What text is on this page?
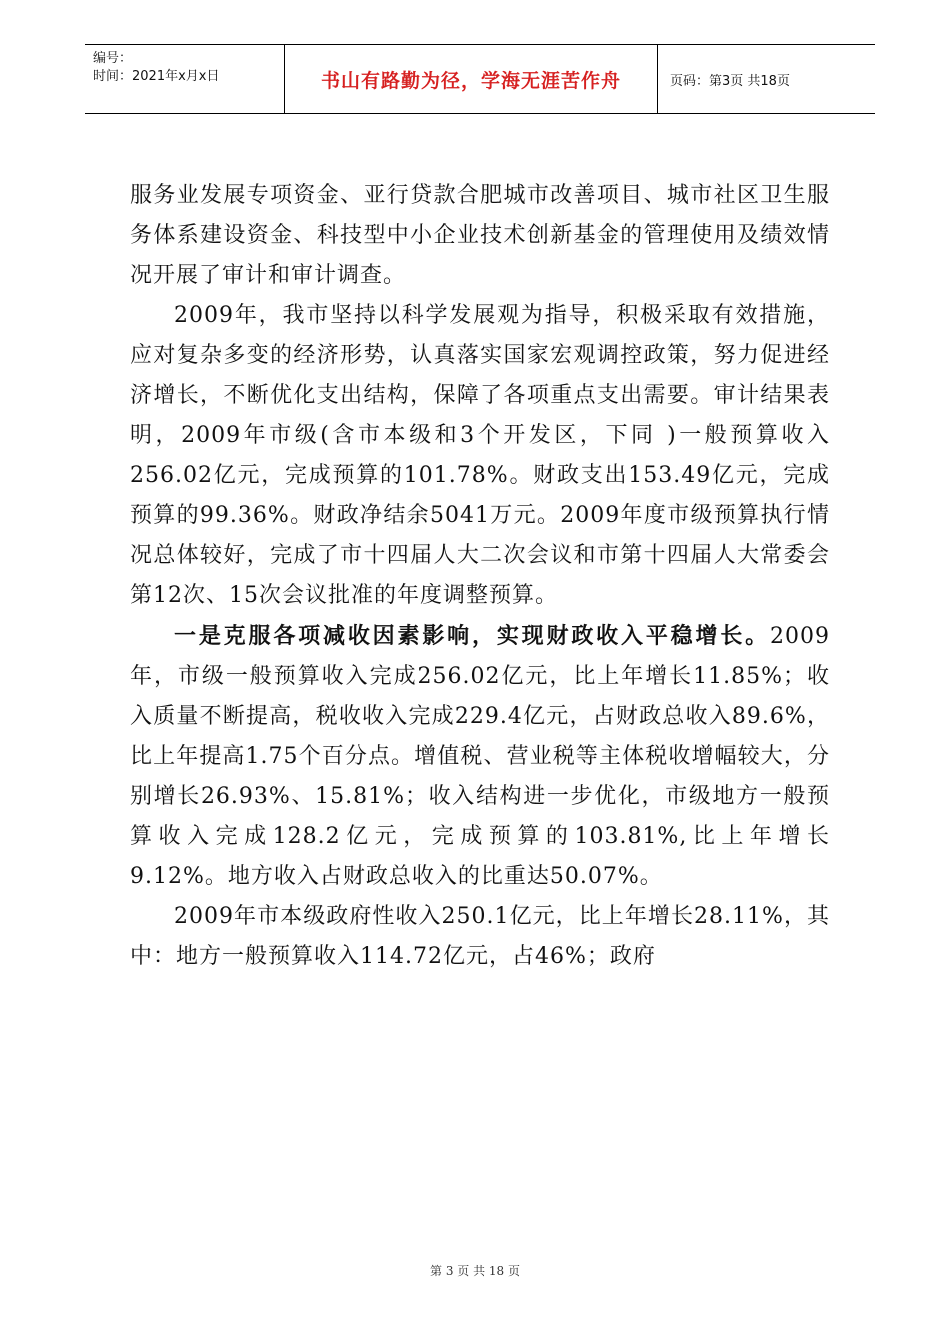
编号：
时间：2021年x月x日	书山有路勤为径，学海无涯苦作舟	页码：第3页 共18页

服务业发展专项资金、亚行贷款合肥城市改善项目、城市社区卫生服务体系建设资金、科技型中小企业技术创新基金的管理使用及绩效情况开展了审计和审计调查。

2009年，我市坚持以科学发展观为指导，积极采取有效措施，应对复杂多变的经济形势，认真落实国家宏观调控政策，努力促进经济增长，不断优化支出结构，保障了各项重点支出需要。审计结果表明，2009年市级(含市本级和3个开发区，下同 )一般预算收入256.02亿元，完成预算的101.78%。财政支出153.49亿元，完成预算的99.36%。财政净结余5041万元。2009年度市级预算执行情况总体较好，完成了市十四届人大二次会议和市第十四届人大常委会第12次、15次会议批准的年度调整预算。

一是克服各项减收因素影响，实现财政收入平稳增长。2009 年，市级一般预算收入完成256.02亿元，比上年增长11.85%；收入质量不断提高，税收收入完成229.4亿元，占财政总收入89.6%，比上年提高1.75个百分点。增值税、营业税等主体税收增幅较大，分别增长26.93%、15.81%；收入结构进一步优化，市级地方一般预算收入完成128.2亿元，完成预算的103.81%,比上年增长 9.12%。地方收入占财政总收入的比重达50.07%。

2009年市本级政府性收入250.1亿元，比上年增长28.11%，其中：地方一般预算收入114.72亿元，占46%；政府

第 3 页 共 18 页
